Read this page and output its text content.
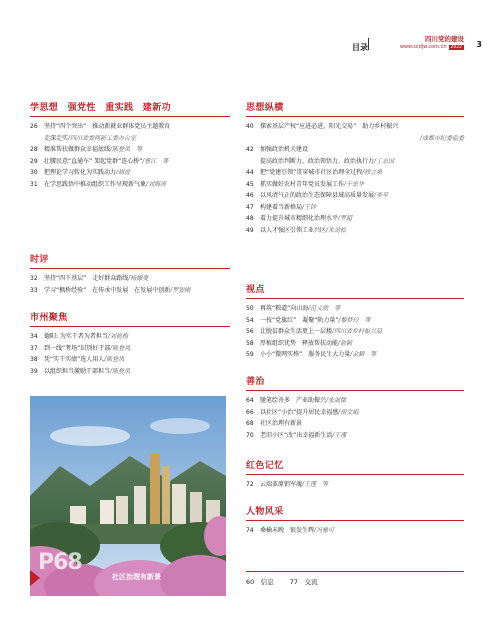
目录
四川党的建设
www.scdjw.com.cn 2022 3
学思想　强党性　重实践　建新功
26	坚持“四个突出”　推动新就业群体党员主题教育
走深走实 /四川省委两新工委办公室
28	精准帮扶做群众幸福底线 /陈登凤　等
29	壮腰民意“直通车” 架起党群“连心桥” /曹江　等
30	把理论学习转化为实践动力 /胡进
31	在学思践悟中推动组织工作呈现新气象 /刘海涛
时评
32	坚持“四下基层”　走好群众路线 /杨娜曼
33	学习“枫桥经验”　在传承中发展　在发展中创新 /罗智刚
市州聚焦
34	德阳: 为实干者为者担当 /刘艳梅
37	到一线“考场”识别好干部 /陈登凤
38	凭“实干实绩”选人用人 /陈登凤
39	以组织担当激励干部担当 /陈登凤
思想纵横
40	探索基层产权“应进必进、阳光交易”　助力乡村振兴
/成都市纪委监委
42	加强政治机关建设
提高政治判断力、政治领悟力、政治执行力 /丁志国
44	把“党建引领”贯穿城市社区治理全过程 /徐言泉
45	抓实做好农村青年党员发展工作 /于忠华
46	以风清气正的政治生态保障县域高质量发展 /李平
47	构建着当新格局 /王钞
48	着力提升城市精细化治理水平 /罗超
49	以人才强区引领工业兴区 /朱劲松
视点
50	再筑“粮道”向山海 /范义欣　等
54	一枝“党旗红”　凝聚“轨力量” /黎梦玲　等
56	让脱贫群众生活更上一层楼 /四川省乡村振兴局
58	厚植组织优势　释放帮扶动能 /俞颖
59	小小“微网实格”　服务民生大力量 /余颖　等
善治
64	驰笔绘善多　产业助振兴 /张淑微
66	以社区“小治”提升居民幸福感 /胡文娟
68	社区治理有新景
70	老旧小区“改”出幸福新生活 /王瑾
红色记忆
72	云端革原销军魂 /王莲　等
人物风采
74	桑榆未晚　银发生辉 /冯雅可
P68
社区治理有新景
60　 信息 77　 交流
